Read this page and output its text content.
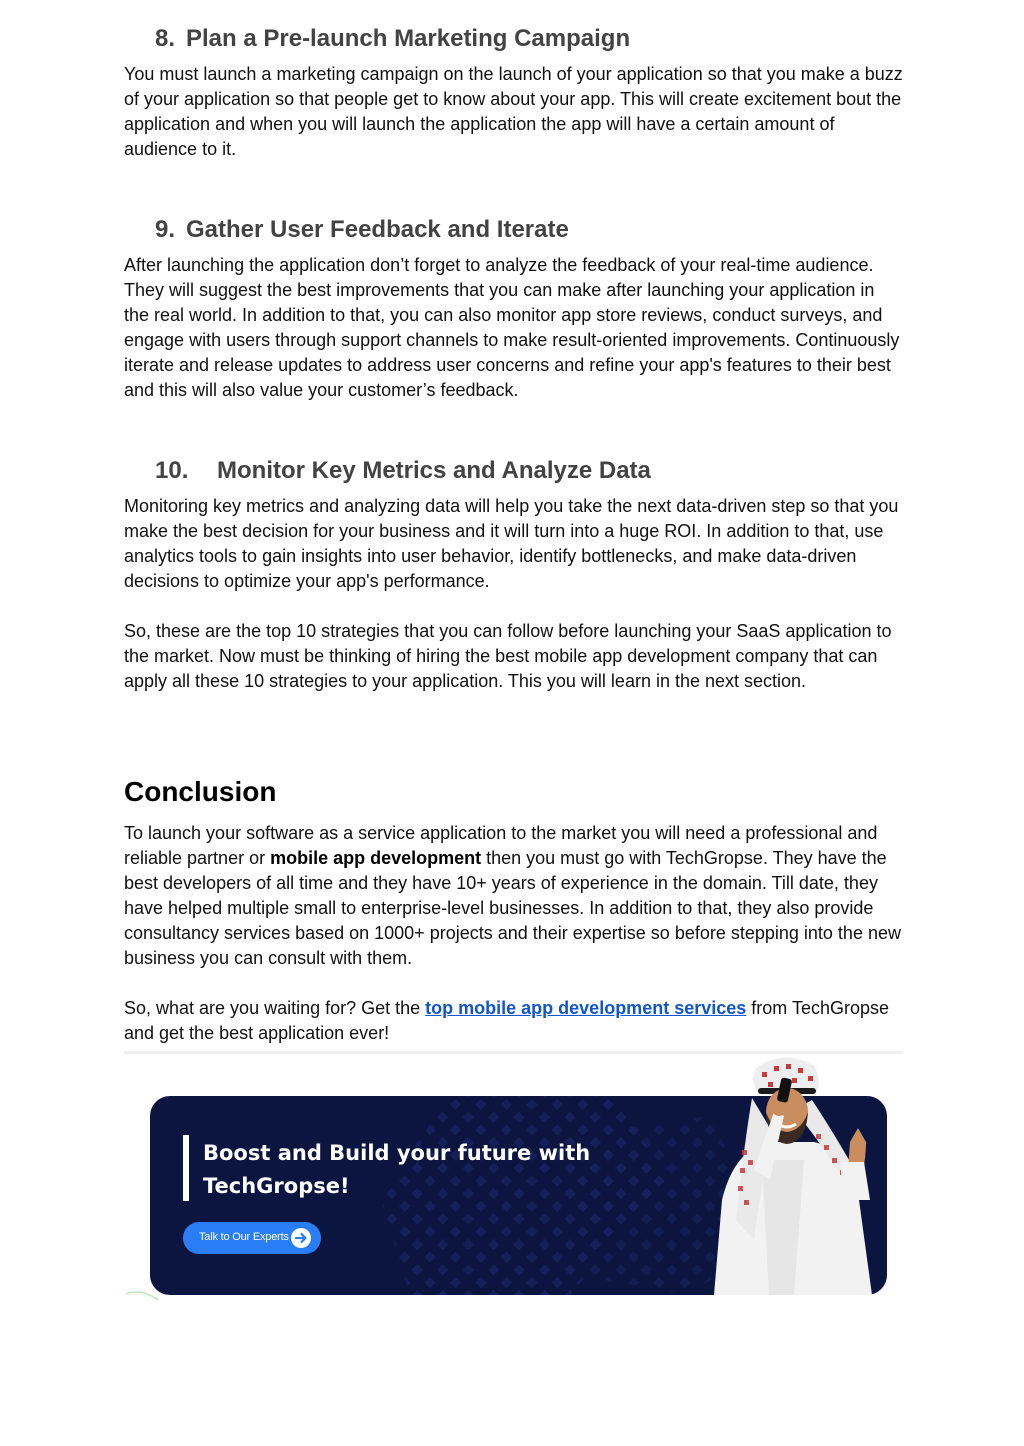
8. Plan a Pre-launch Marketing Campaign

You must launch a marketing campaign on the launch of your application so that you make a buzz of your application so that people get to know about your app. This will create excitement bout the application and when you will launch the application the app will have a certain amount of audience to it.

9. Gather User Feedback and Iterate

After launching the application don’t forget to analyze the feedback of your real-time audience. They will suggest the best improvements that you can make after launching your application in the real world. In addition to that, you can also monitor app store reviews, conduct surveys, and engage with users through support channels to make result-oriented improvements. Continuously iterate and release updates to address user concerns and refine your app's features to their best and this will also value your customer’s feedback.

10. Monitor Key Metrics and Analyze Data

Monitoring key metrics and analyzing data will help you take the next data-driven step so that you make the best decision for your business and it will turn into a huge ROI. In addition to that, use analytics tools to gain insights into user behavior, identify bottlenecks, and make data-driven decisions to optimize your app's performance.

So, these are the top 10 strategies that you can follow before launching your SaaS application to the market. Now must be thinking of hiring the best mobile app development company that can apply all these 10 strategies to your application. This you will learn in the next section.

Conclusion

To launch your software as a service application to the market you will need a professional and reliable partner or mobile app development then you must go with TechGropse. They have the best developers of all time and they have 10+ years of experience in the domain. Till date, they have helped multiple small to enterprise-level businesses. In addition to that, they also provide consultancy services based on 1000+ projects and their expertise so before stepping into the new business you can consult with them.

So, what are you waiting for? Get the top mobile app development services from TechGropse and get the best application ever!

Boost and Build your future with TechGropse!
Talk to Our Experts
